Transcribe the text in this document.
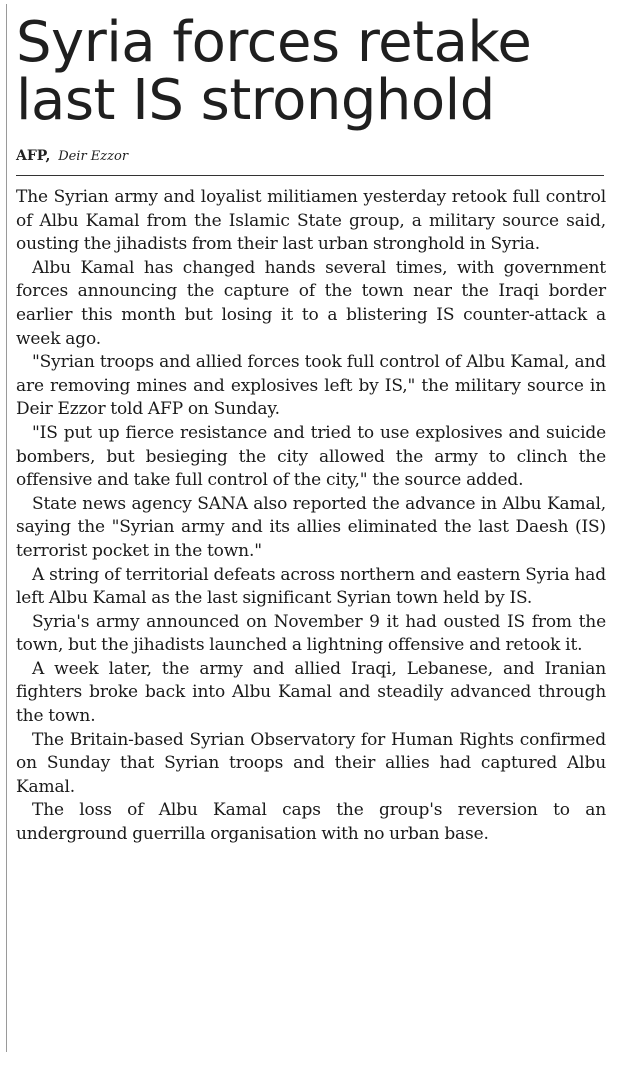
Syria forces retake
last IS stronghold
AFP, Deir Ezzor

The Syrian army and loyalist militiamen yesterday retook full control of Albu Kamal from the Islamic State group, a military source said, ousting the jihadists from their last urban stronghold in Syria.

Albu Kamal has changed hands several times, with government forces announcing the capture of the town near the Iraqi border earlier this month but losing it to a blistering IS counter-attack a week ago.

"Syrian troops and allied forces took full control of Albu Kamal, and are removing mines and explosives left by IS," the military source in Deir Ezzor told AFP on Sunday.

"IS put up fierce resistance and tried to use explosives and suicide bombers, but besieging the city allowed the army to clinch the offensive and take full control of the city," the source added.

State news agency SANA also reported the advance in Albu Kamal, saying the "Syrian army and its allies eliminated the last Daesh (IS) terrorist pocket in the town."

A string of territorial defeats across northern and eastern Syria had left Albu Kamal as the last significant Syrian town held by IS.

Syria's army announced on November 9 it had ousted IS from the town, but the jihadists launched a lightning offensive and retook it.

A week later, the army and allied Iraqi, Lebanese, and Iranian fighters broke back into Albu Kamal and steadily advanced through the town.

The Britain-based Syrian Observatory for Human Rights confirmed on Sunday that Syrian troops and their allies had captured Albu Kamal.

The loss of Albu Kamal caps the group's reversion to an underground guerrilla organisation with no urban base.
